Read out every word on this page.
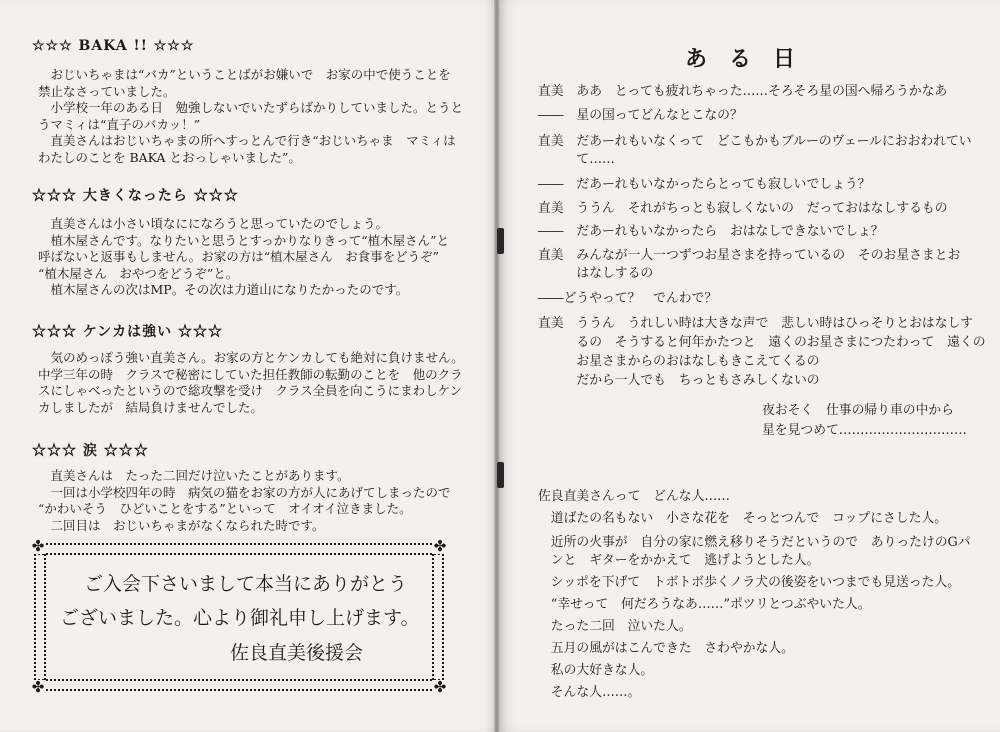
☆☆☆ BAKA !! ☆☆☆

　おじいちゃまは“バカ”ということばがお嫌いで　お家の中で使うことを

禁止なさっていました。

　小学校一年のある日　勉強しないでいたずらばかりしていました。とうと

うマミィは“直子のバカッ！”

　直美さんはおじいちゃまの所へすっとんで行き“おじいちゃま　マミィは

わたしのことを BAKA とおっしゃいました”。

☆☆☆ 大きくなったら ☆☆☆

　直美さんは小さい頃なにになろうと思っていたのでしょう。

　植木屋さんです。なりたいと思うとすっかりなりきって“植木屋さん”と

呼ばないと返事もしません。お家の方は“植木屋さん　お食事をどうぞ”

“植木屋さん　おやつをどうぞ”と。

　植木屋さんの次はMP。その次は力道山になりたかったのです。

☆☆☆ ケンカは強い ☆☆☆

　気のめっぽう強い直美さん。お家の方とケンカしても絶対に負けません。

中学三年の時　クラスで秘密にしていた担任教師の転勤のことを　他のクラ

スにしゃべったというので総攻撃を受け　クラス全員を向こうにまわしケン

カしましたが　結局負けませんでした。

☆☆☆ 涙 ☆☆☆

　直美さんは　たった二回だけ泣いたことがあります。

　一回は小学校四年の時　病気の猫をお家の方が人にあげてしまったので

“かわいそう　ひどいことをする”といって　オイオイ泣きました。

　二回目は　おじいちゃまがなくなられた時です。

✤	✤
✤	✤
ご入会下さいまして本当にありがとう
ございました。心より御礼申し上げます。
佐良直美後援会
ある日
直美　ああ　とっても疲れちゃった……そろそろ星の国へ帰ろうかなあ
――　星の国ってどんなとこなの？
直美　だあーれもいなくって　どこもかもブルーのヴェールにおおわれてい
　　　て……
――　だあーれもいなかったらとっても寂しいでしょう？
直美　ううん　それがちっとも寂しくないの　だっておはなしするもの
――　だあーれもいなかったら　おはなしできないでしょ？
直美　みんなが一人一つずつお星さまを持っているの　そのお星さまとお
　　　はなしするの
――どうやって？　でんわで？
直美　ううん　うれしい時は大きな声で　悲しい時はひっそりとおはなしす
　　　るの　そうすると何年かたつと　遠くのお星さまにつたわって　遠くの
　　　お星さまからのおはなしもきこえてくるの
　　　だから一人でも　ちっともさみしくないの
夜おそく　仕事の帰り車の中から
星を見つめて…………………………
佐良直美さんって　どんな人……
　道ばたの名もない　小さな花を　そっとつんで　コップにさした人。
　近所の火事が　自分の家に燃え移りそうだというので　ありったけのGパ
　ンと　ギターをかかえて　逃げようとした人。
　シッポを下げて　トボトボ歩くノラ犬の後姿をいつまでも見送った人。
　“幸せって　何だろうなあ……”ポツリとつぶやいた人。
　たった二回　泣いた人。
　五月の風がはこんできた　さわやかな人。
　私の大好きな人。
　そんな人……。
